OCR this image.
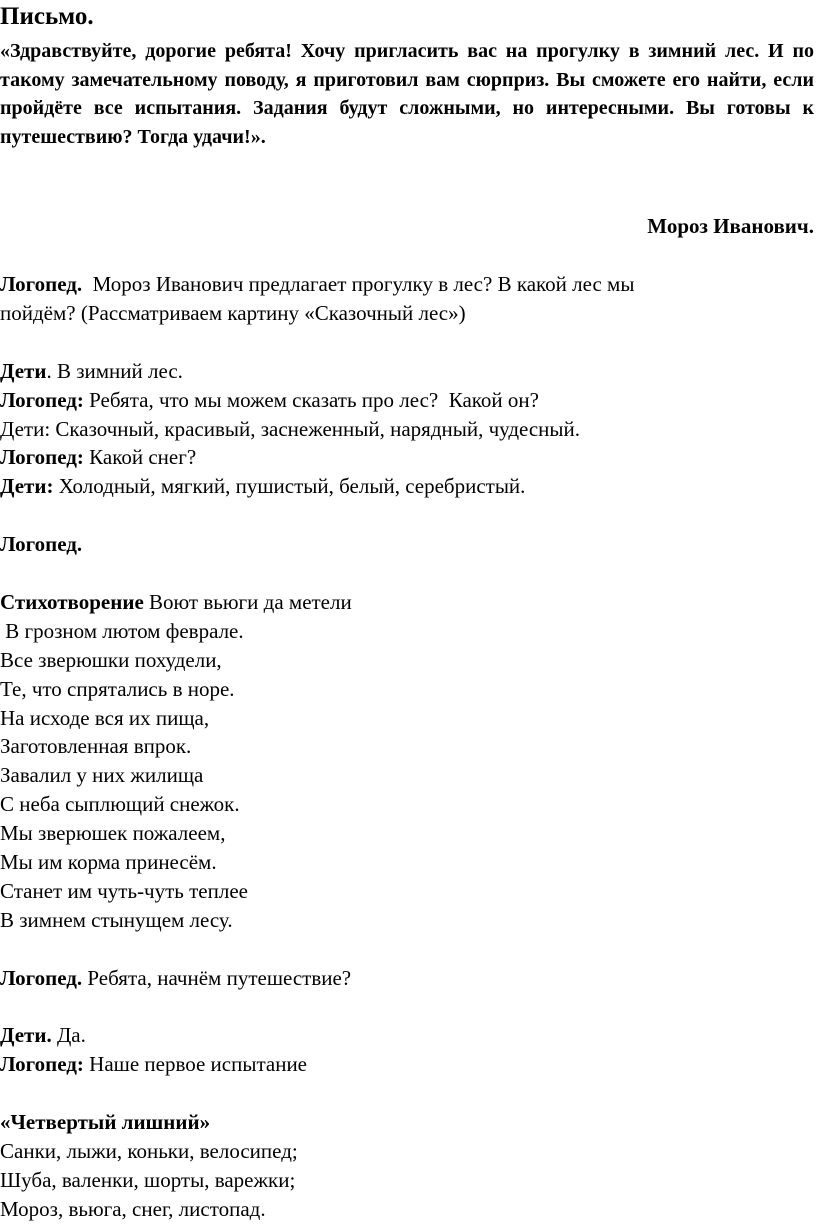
Письмо.

«Здравствуйте, дорогие ребята! Хочу пригласить вас на прогулку в зимний лес. И по такому замечательному поводу, я приготовил вам сюрприз. Вы сможете его найти, если пройдёте все испытания. Задания будут сложными, но интересными. Вы готовы к путешествию? Тогда удачи!».

Мороз Иванович.

Логопед.  Мороз Иванович предлагает прогулку в лес? В какой лес мы
пойдём? (Рассматриваем картину «Сказочный лес»)
Дети. В зимний лес.
Логопед: Ребята, что мы можем сказать про лес?  Какой он?
Дети: Сказочный, красивый, заснеженный, нарядный, чудесный.
Логопед: Какой снег?
Дети: Холодный, мягкий, пушистый, белый, серебристый.
Логопед.
Стихотворение Воют вьюги да метели
В грозном лютом феврале.
Все зверюшки похудели,
Те, что спрятались в норе.
На исходе вся их пища,
Заготовленная впрок.
Завалил у них жилища
С неба сыплющий снежок.
Мы зверюшек пожалеем,
Мы им корма принесём.
Станет им чуть-чуть теплее
В зимнем стынущем лесу.
Логопед. Ребята, начнём путешествие?
Дети. Да.
Логопед: Наше первое испытание
«Четвертый лишний»
Санки, лыжи, коньки, велосипед;
Шуба, валенки, шорты, варежки;
Мороз, вьюга, снег, листопад.
